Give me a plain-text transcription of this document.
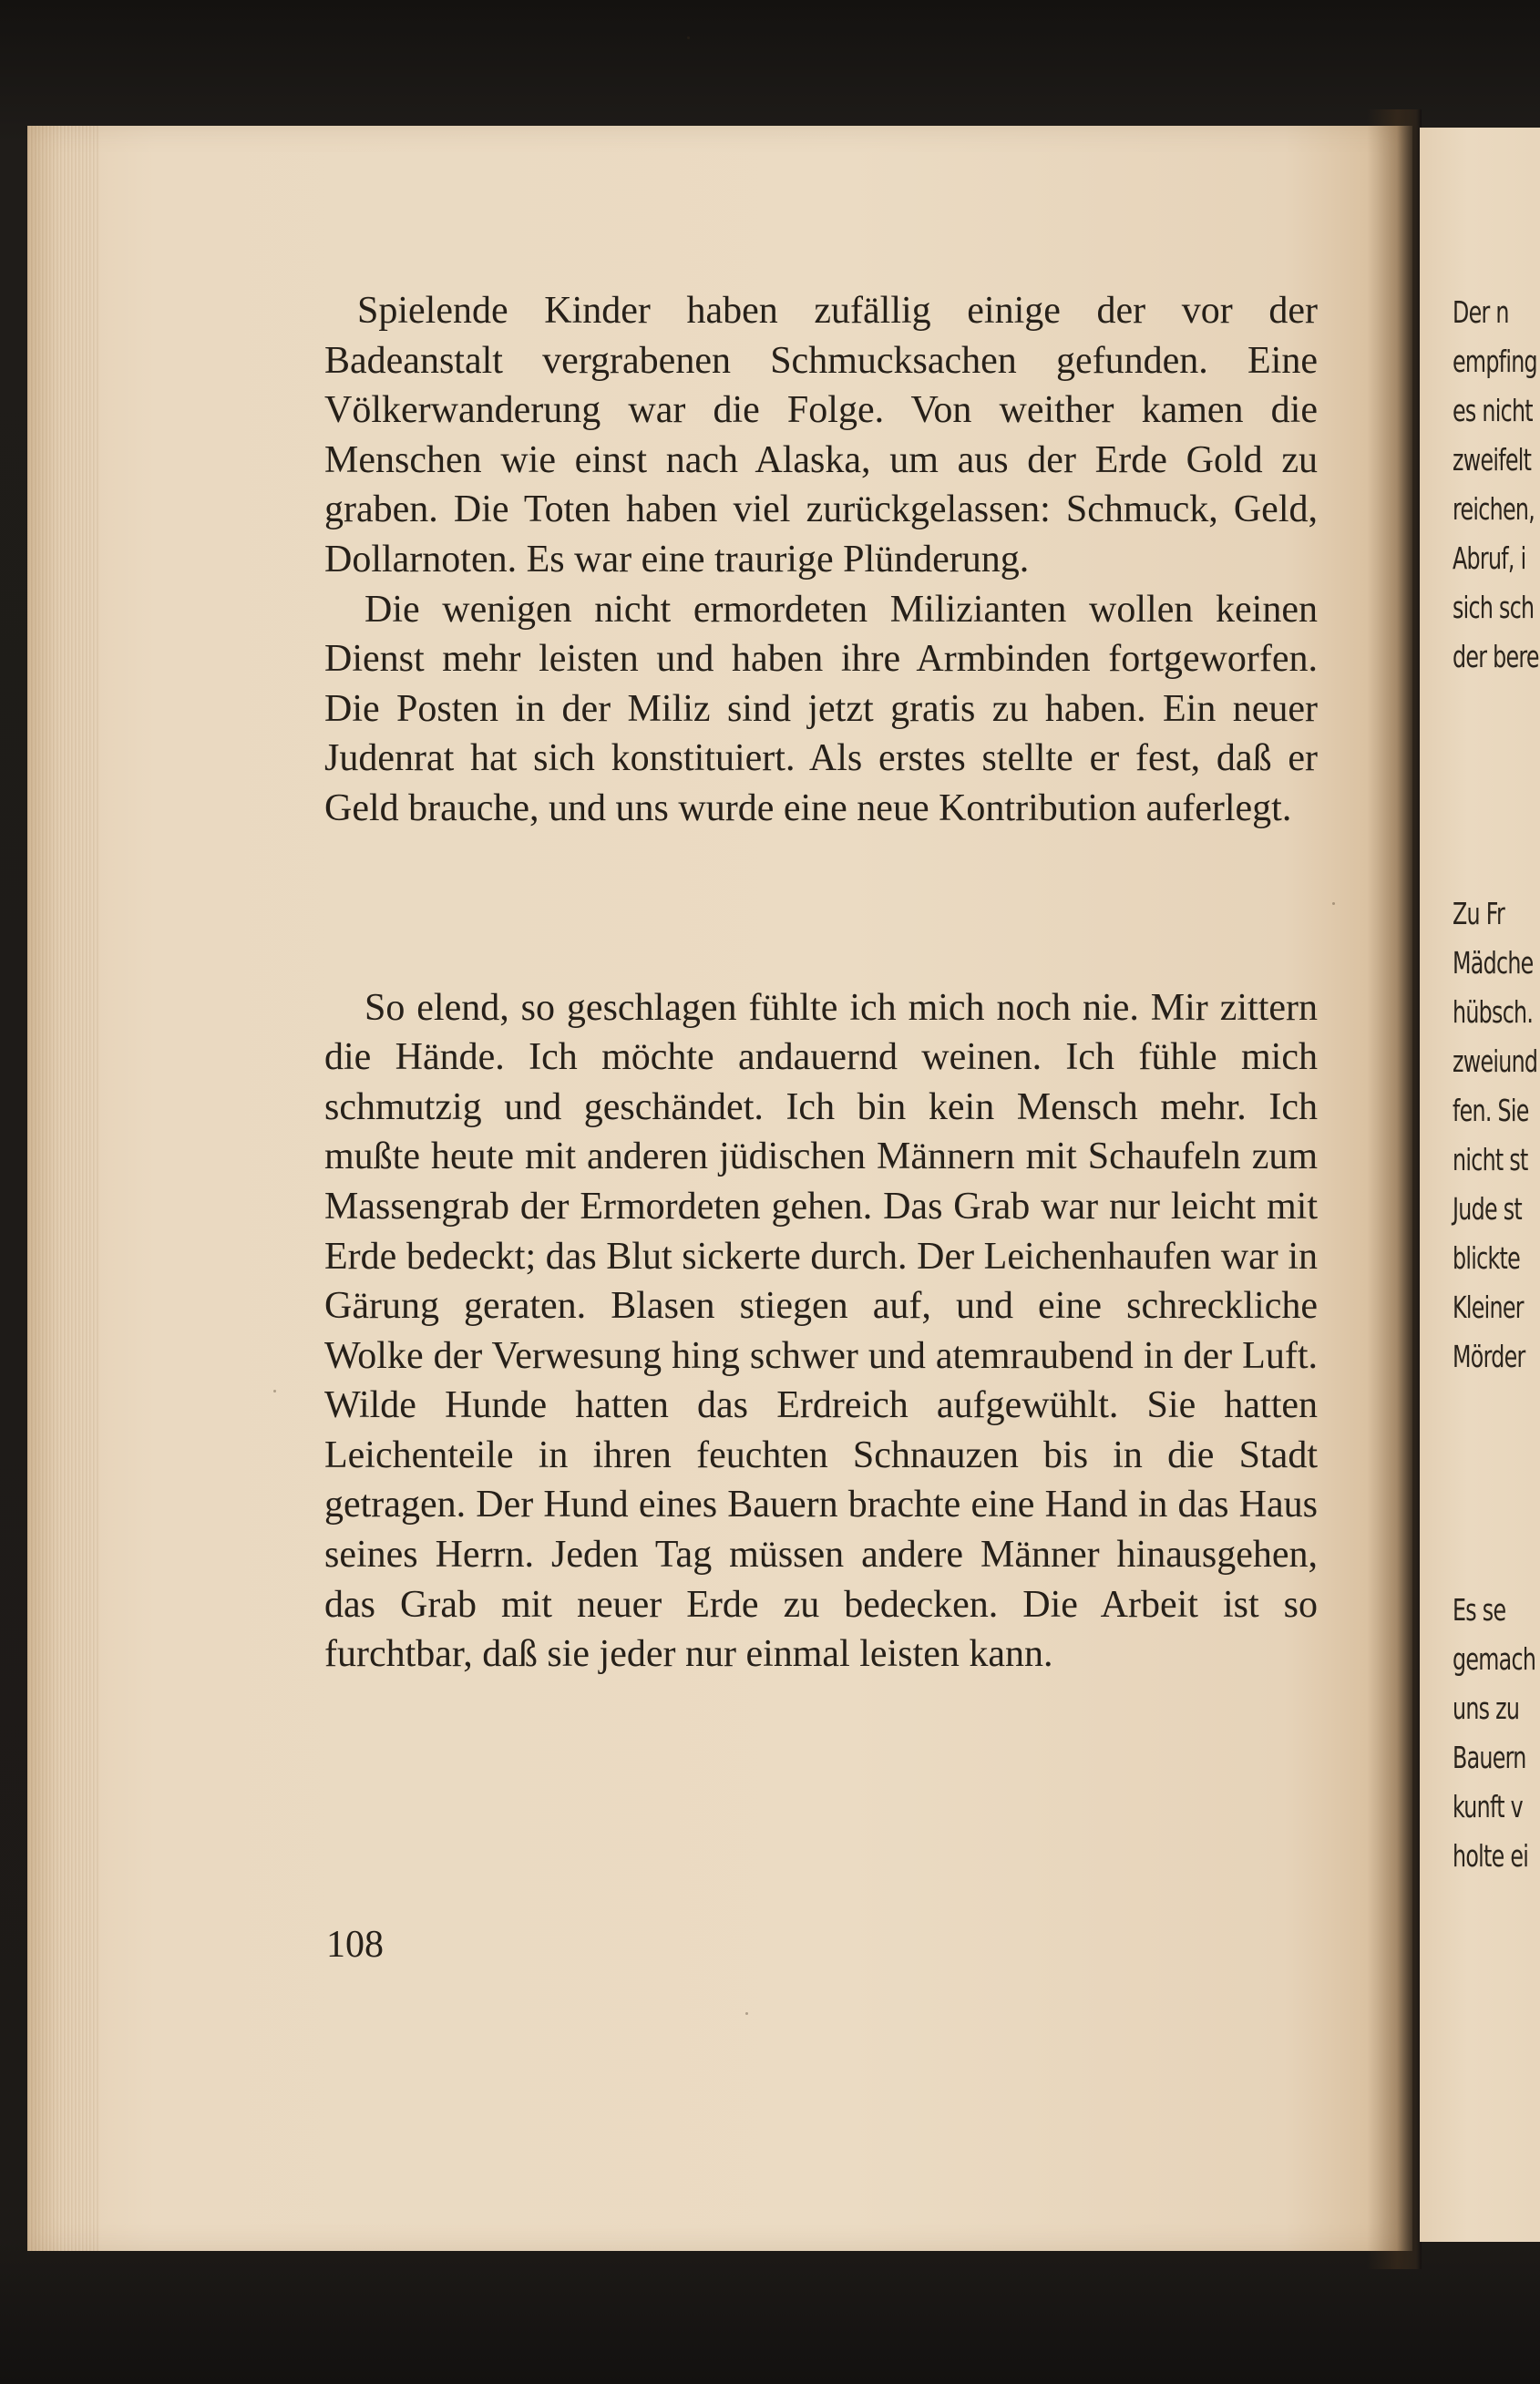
Spielende Kinder haben zufällig einige der vor der Badeanstalt vergrabenen Schmucksachen gefunden. Eine Völkerwanderung war die Folge. Von weither kamen die Menschen wie einst nach Alaska, um aus der Erde Gold zu graben. Die Toten haben viel zurückgelassen: Schmuck, Geld, Dollarnoten. Es war eine traurige Plünderung.

Die wenigen nicht ermordeten Milizianten wollen keinen Dienst mehr leisten und haben ihre Armbinden fortgeworfen. Die Posten in der Miliz sind jetzt gratis zu haben. Ein neuer Judenrat hat sich konstituiert. Als erstes stellte er fest, daß er Geld brauche, und uns wurde eine neue Kontribution auferlegt.

So elend, so geschlagen fühlte ich mich noch nie. Mir zittern die Hände. Ich möchte andauernd weinen. Ich fühle mich schmutzig und geschändet. Ich bin kein Mensch mehr. Ich mußte heute mit anderen jüdischen Männern mit Schaufeln zum Massengrab der Ermordeten gehen. Das Grab war nur leicht mit Erde bedeckt; das Blut sickerte durch. Der Leichenhaufen war in Gärung geraten. Blasen stiegen auf, und eine schreckliche Wolke der Verwesung hing schwer und atemraubend in der Luft. Wilde Hunde hatten das Erdreich aufgewühlt. Sie hatten Leichenteile in ihren feuchten Schnauzen bis in die Stadt getragen. Der Hund eines Bauern brachte eine Hand in das Haus seines Herrn. Jeden Tag müssen andere Männer hinausgehen, das Grab mit neuer Erde zu bedecken. Die Arbeit ist so furchtbar, daß sie jeder nur einmal leisten kann.

108
Der n
empfing
es nicht
zweifelt
reichen,
Abruf, i
sich sch
der bere
Zu Fr
Mädche
hübsch.
zweiund
fen. Sie
nicht st
Jude st
blickte
Kleiner
Mörder
Es se
gemach
uns zu
Bauern
kunft v
holte ei
